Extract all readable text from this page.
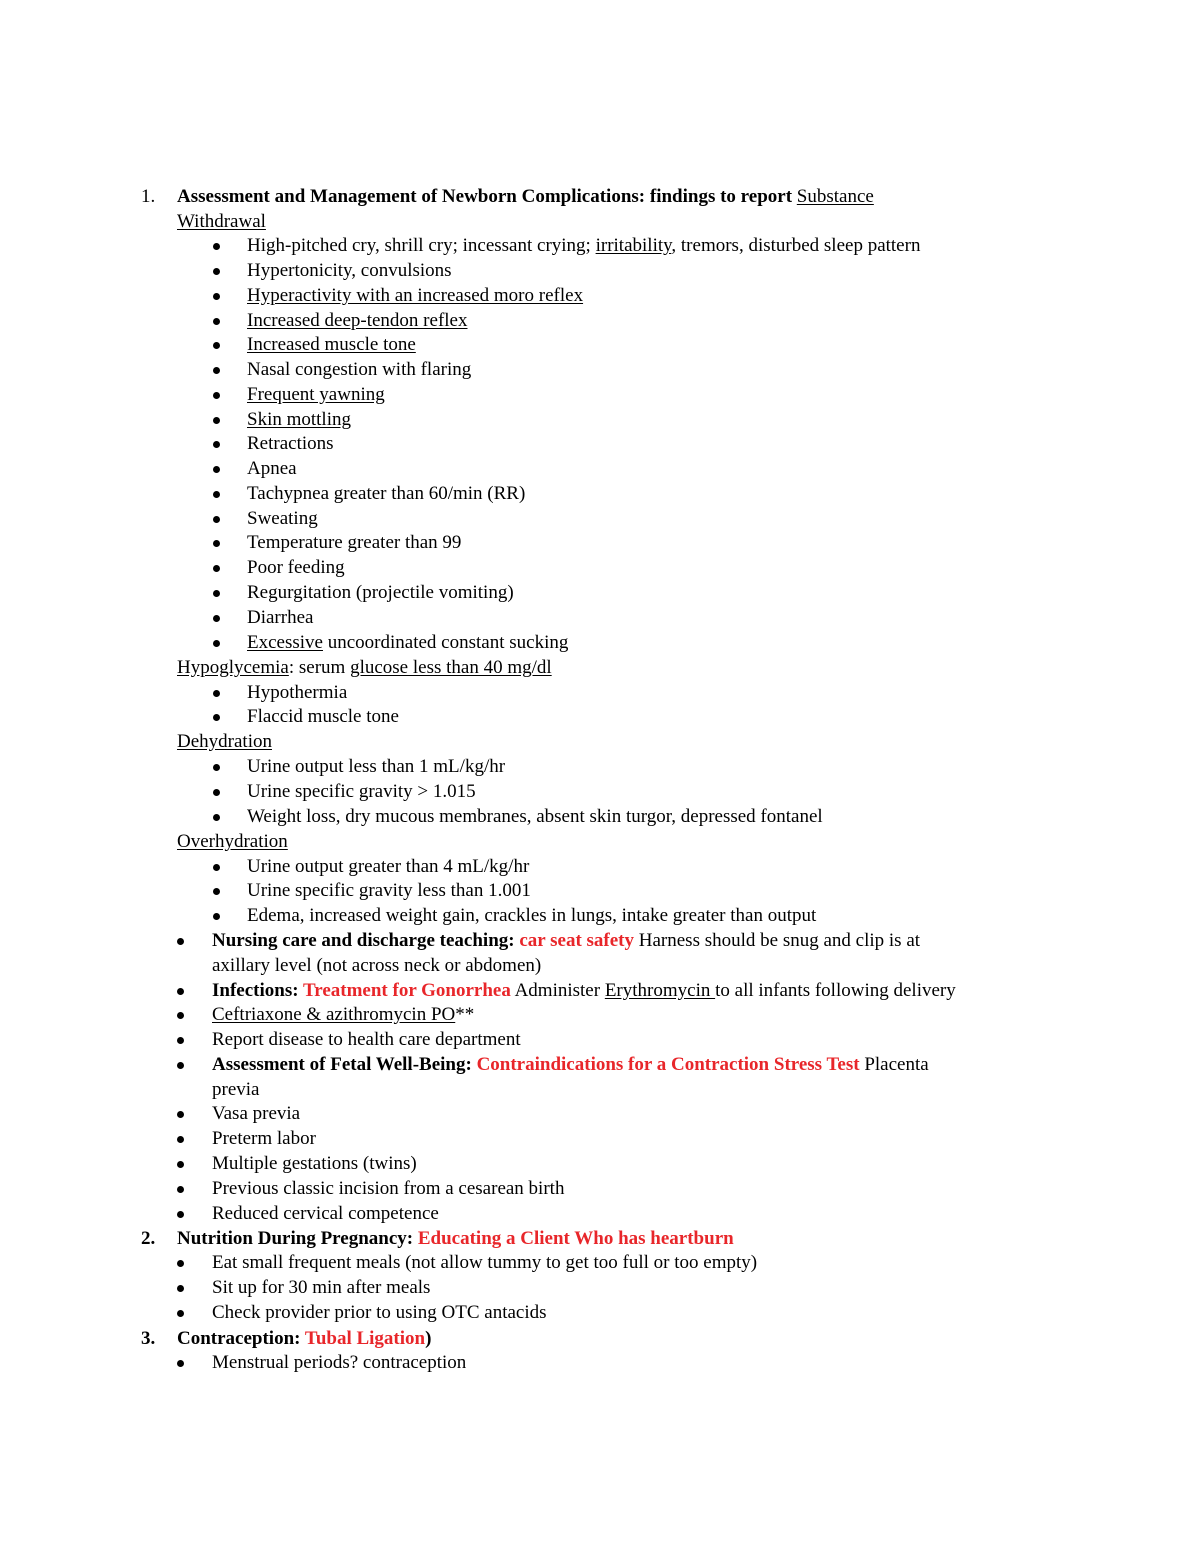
1. Assessment and Management of Newborn Complications: findings to report Substance
Withdrawal
High-pitched cry, shrill cry; incessant crying; irritability, tremors, disturbed sleep pattern
Hypertonicity, convulsions
Hyperactivity with an increased moro reflex
Increased deep-tendon reflex
Increased muscle tone
Nasal congestion with flaring
Frequent yawning
Skin mottling
Retractions
Apnea
Tachypnea greater than 60/min (RR)
Sweating
Temperature greater than 99
Poor feeding
Regurgitation (projectile vomiting)
Diarrhea
Excessive uncoordinated constant sucking
Hypoglycemia: serum glucose less than 40 mg/dl
Hypothermia
Flaccid muscle tone
Dehydration
Urine output less than 1 mL/kg/hr
Urine specific gravity > 1.015
Weight loss, dry mucous membranes, absent skin turgor, depressed fontanel
Overhydration
Urine output greater than 4 mL/kg/hr
Urine specific gravity less than 1.001
Edema, increased weight gain, crackles in lungs, intake greater than output
Nursing care and discharge teaching: car seat safety Harness should be snug and clip is at
axillary level (not across neck or abdomen)
Infections: Treatment for Gonorrhea Administer Erythromycin to all infants following delivery
Ceftriaxone & azithromycin PO**
Report disease to health care department
Assessment of Fetal Well-Being: Contraindications for a Contraction Stress Test Placenta
previa
Vasa previa
Preterm labor
Multiple gestations (twins)
Previous classic incision from a cesarean birth
Reduced cervical competence
2. Nutrition During Pregnancy: Educating a Client Who has heartburn
Eat small frequent meals (not allow tummy to get too full or too empty)
Sit up for 30 min after meals
Check provider prior to using OTC antacids
3. Contraception: Tubal Ligation)
Menstrual periods? contraception
